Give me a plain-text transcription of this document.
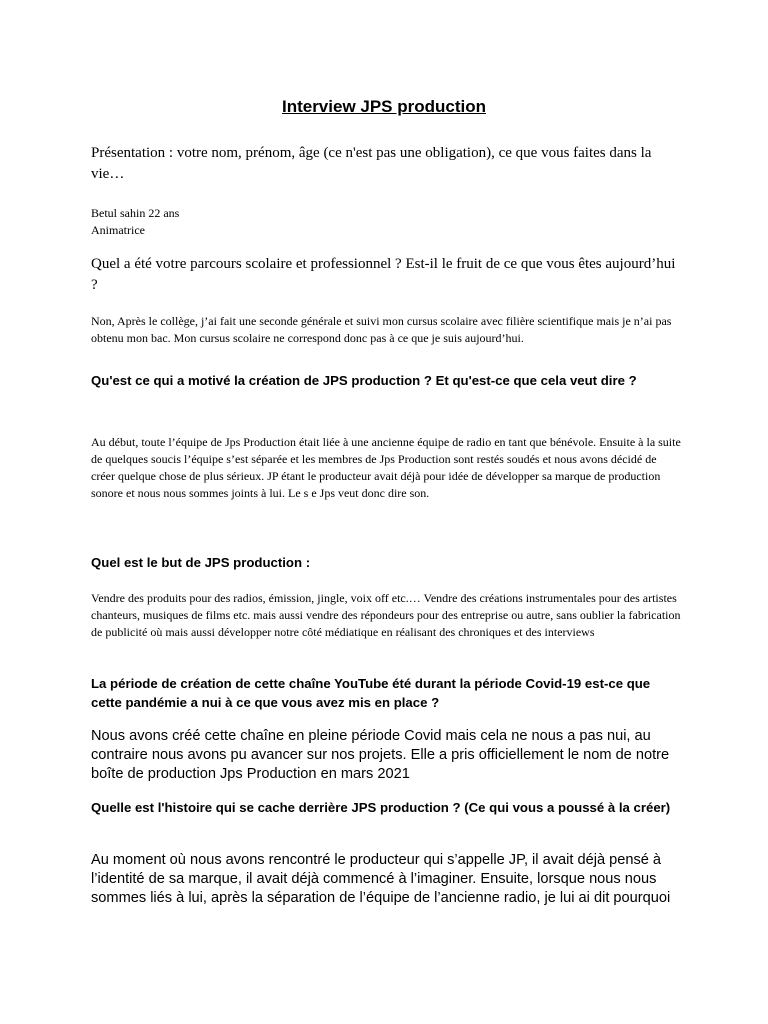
Interview JPS production

Présentation : votre nom, prénom, âge (ce n'est pas une obligation), ce que vous faites dans la vie…

Betul sahin 22 ans

Animatrice

Quel a été votre parcours scolaire et professionnel ? Est-il le fruit de ce que vous êtes aujourd’hui ?

Non, Après le collège, j’ai fait une seconde générale et suivi mon cursus scolaire avec filière scientifique mais je n’ai pas obtenu mon bac. Mon cursus scolaire ne correspond donc pas à ce que je suis aujourd’hui.

Qu'est ce qui a motivé la création de JPS production ? Et qu'est-ce que cela veut dire ?

Au début, toute l’équipe de Jps Production était liée à une ancienne équipe de radio en tant que bénévole. Ensuite à la suite de quelques soucis l’équipe s’est séparée et les membres de Jps Production sont restés soudés et nous avons décidé de créer quelque chose de plus sérieux. JP étant le producteur avait déjà pour idée de développer sa marque de production sonore et nous nous sommes joints à lui. Le s e Jps veut donc dire son.

Quel est le but de JPS production :

Vendre des produits pour des radios, émission, jingle, voix off etc.… Vendre des créations instrumentales pour des artistes chanteurs, musiques de films etc. mais aussi vendre des répondeurs pour des entreprise ou autre, sans oublier la fabrication de publicité où mais aussi développer notre côté médiatique en réalisant des chroniques et des interviews

La période de création de cette chaîne YouTube été durant la période Covid-19 est-ce que cette pandémie a nui à ce que vous avez mis en place ?

Nous avons créé cette chaîne en pleine période Covid mais cela ne nous a pas nui, au contraire nous avons pu avancer sur nos projets. Elle a pris officiellement le nom de notre boîte de production Jps Production en mars 2021

Quelle est l'histoire qui se cache derrière JPS production ? (Ce qui vous a poussé à la créer)

Au moment où nous avons rencontré le producteur qui s’appelle JP, il avait déjà pensé à l’identité de sa marque, il avait déjà commencé à l’imaginer. Ensuite, lorsque nous nous sommes liés à lui, après la séparation de l’équipe de l’ancienne radio, je lui ai dit pourquoi
